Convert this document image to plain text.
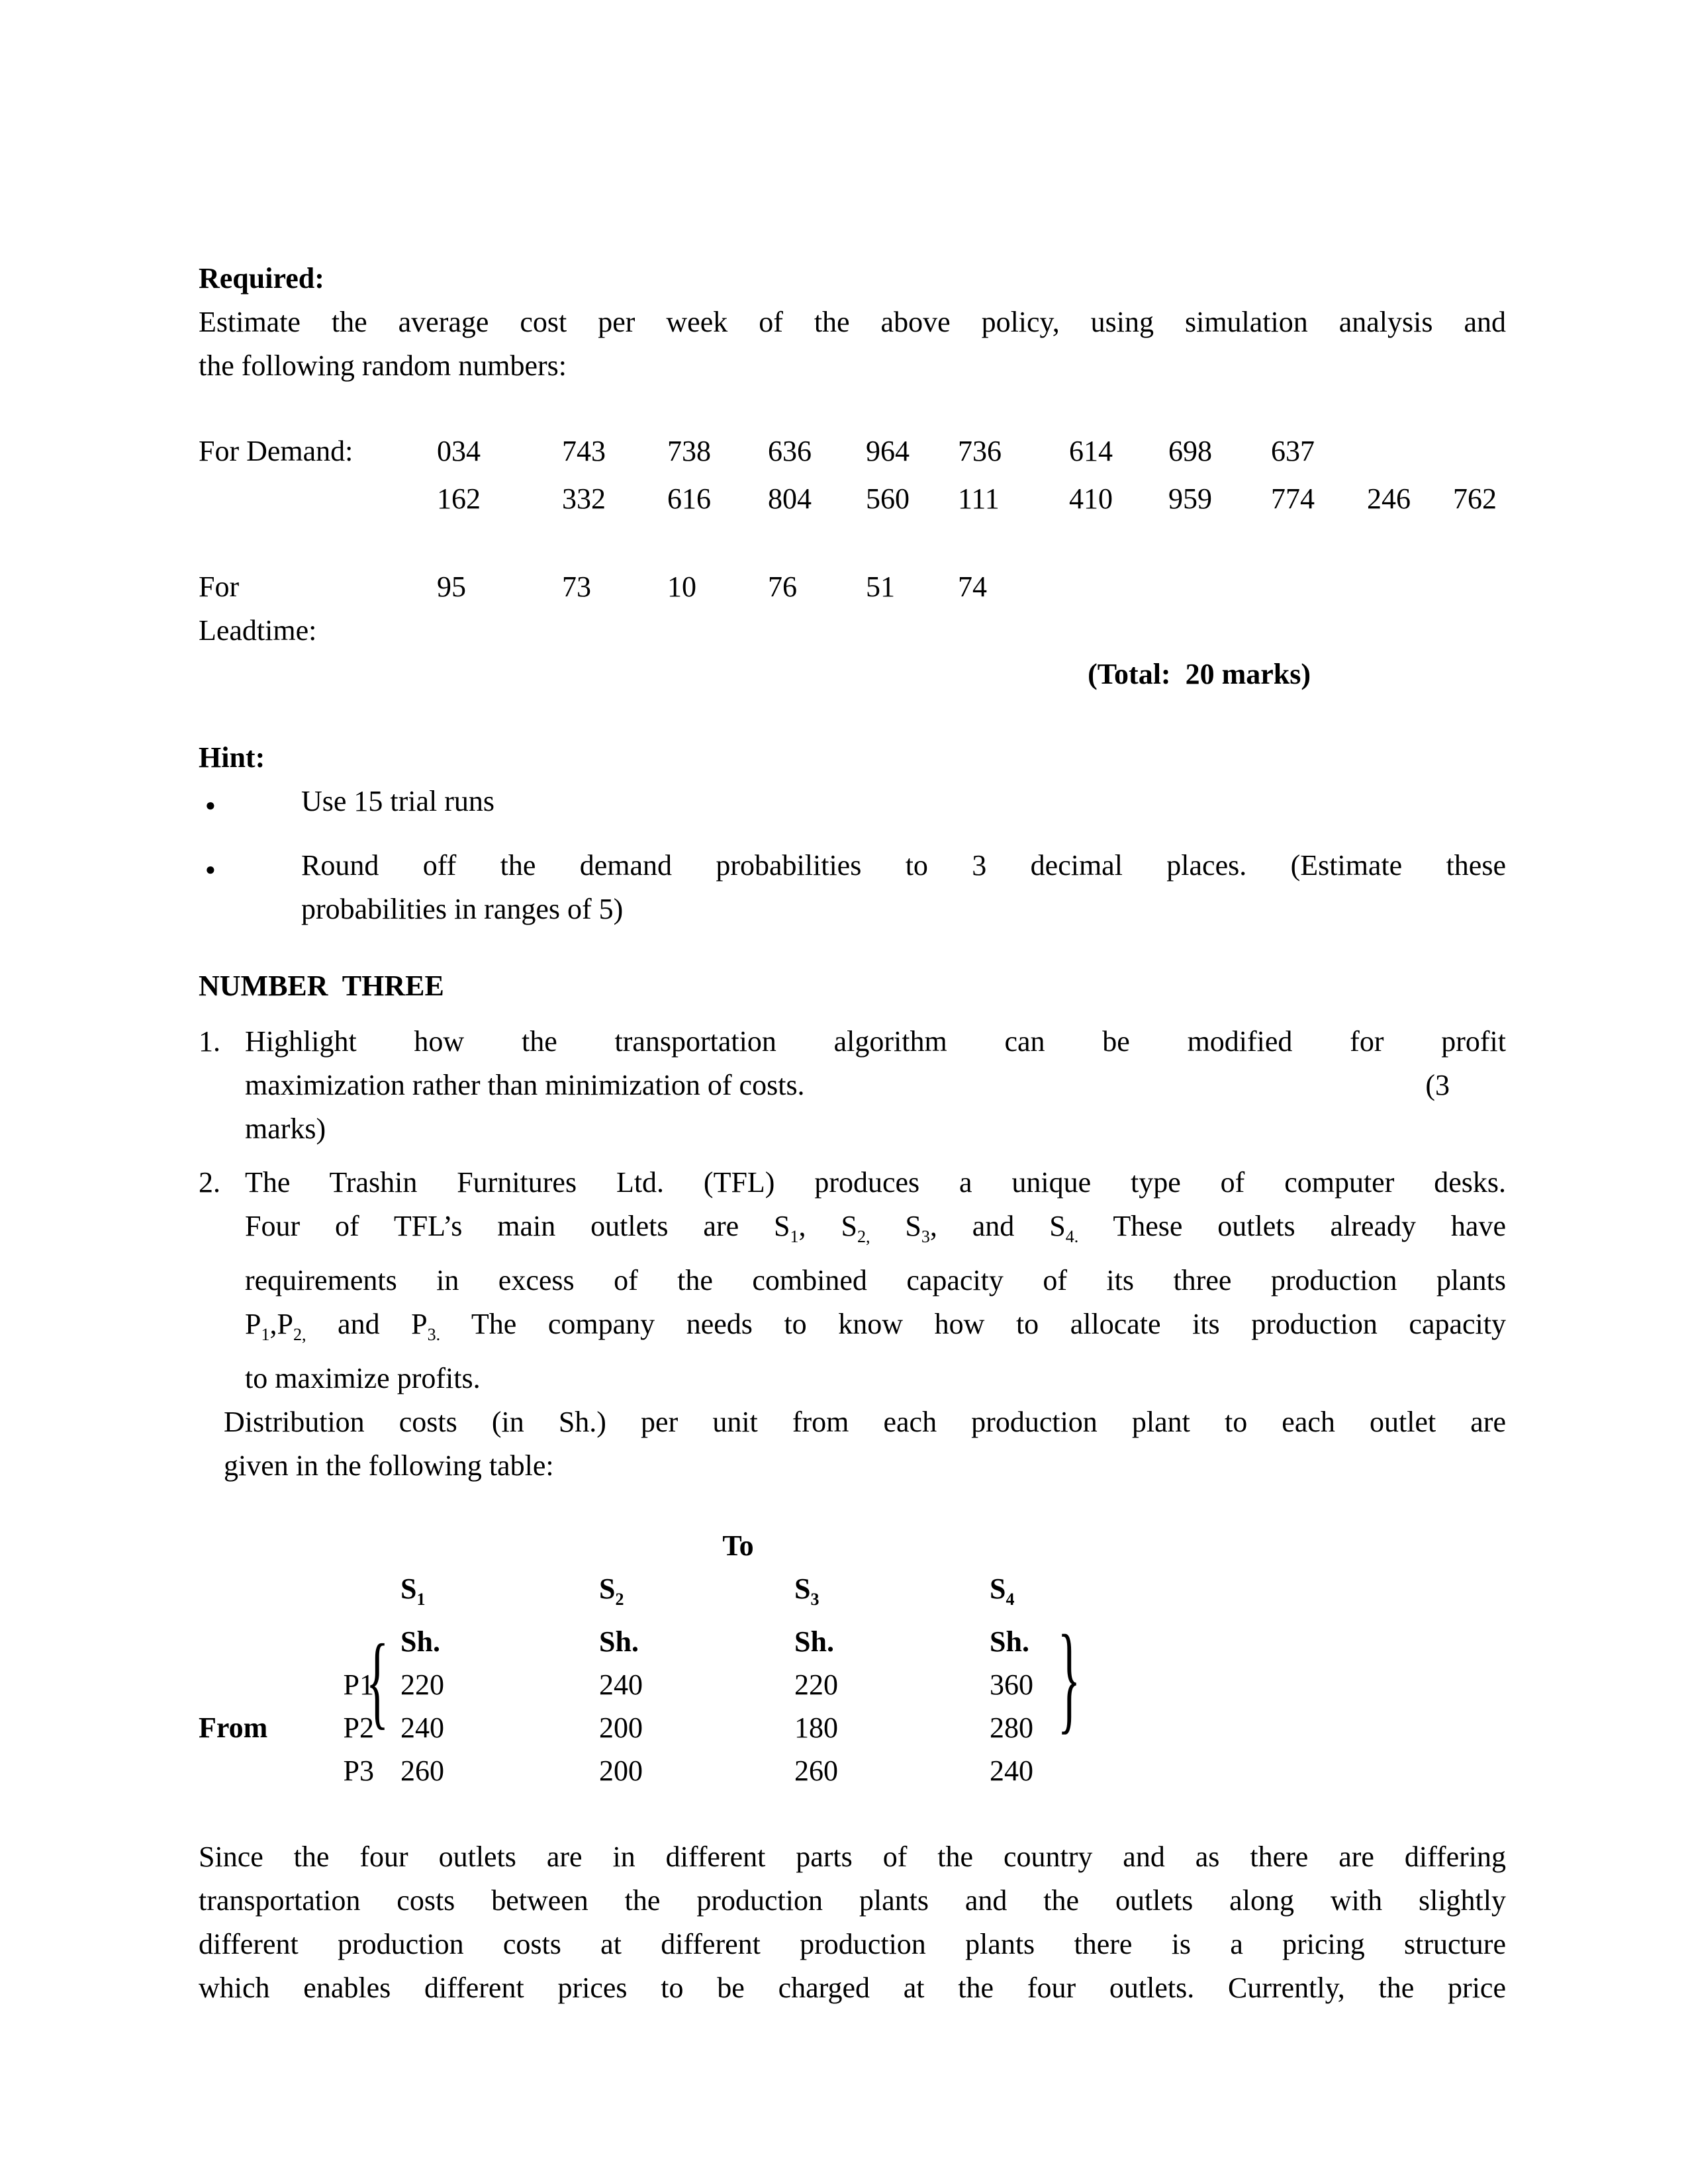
Required:
Estimate the average cost per week of the above policy, using simulation analysis and
the following random numbers:
For Demand:	034	743	738	636	964	736	614	698	637
162	332	616	804	560	111	410	959	774	246	762
For	95	73	10	76	51	74
Leadtime:
(Total:  20 marks)
Hint:
●	Use 15 trial runs
●	Round off the demand probabilities to 3 decimal places. (Estimate these
probabilities in ranges of 5)
NUMBER  THREE
1. Highlight how the transportation algorithm can be modified for profit
maximization rather than minimization of costs.	(3
marks)
2. The Trashin Furnitures Ltd. (TFL) produces a unique type of computer desks.
Four of TFL’s main outlets are $S_1$, $S_{2,}$ $S_3$, and $S_{4.}$ These outlets already have
requirements in excess of the combined capacity of its three production plants
$P_1,P_{2,}$ and $P_{3.}$ The company needs to know how to allocate its production capacity
to maximize profits.
Distribution costs (in Sh.) per unit from each production plant to each outlet are
given in the following table:
To
$S_1$	$S_2$	$S_3$	$S_4$
Sh.	Sh.	Sh.	Sh.
P1 220	240	220	360
From	P2 240	200	180	280
P3 260	200	260	240
{	}
Since the four outlets are in different parts of the country and as there are differing
transportation costs between the production plants and the outlets along with slightly
different production costs at different production plants there is a pricing structure
which enables different prices to be charged at the four outlets. Currently, the price
